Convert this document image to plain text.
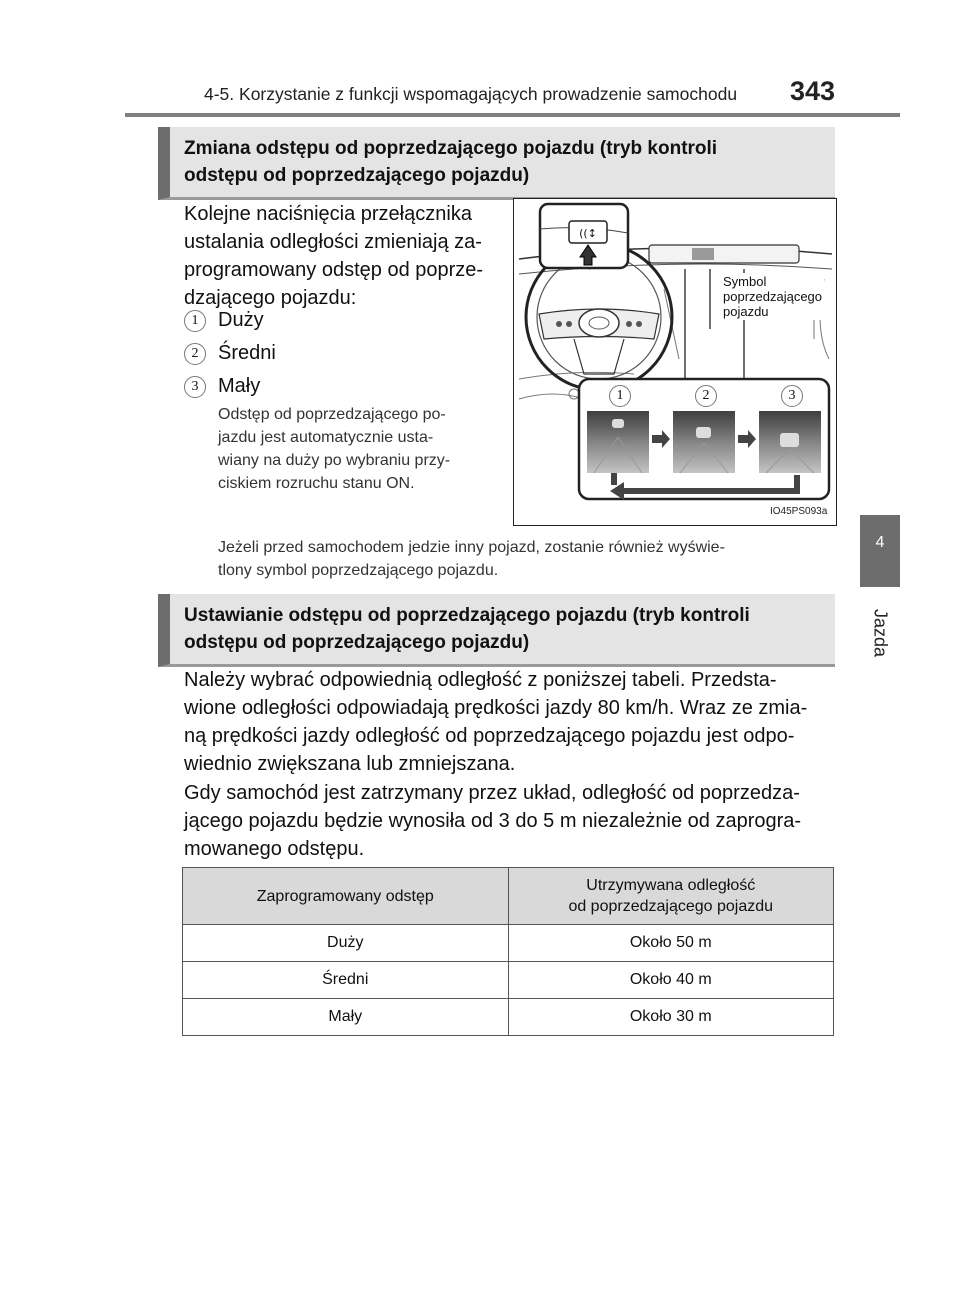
4-5. Korzystanie z funkcji wspomagających prowadzenie samochodu 343
4
Jazda
Zmiana odstępu od poprzedzającego pojazdu (tryb kontroli
odstępu od poprzedzającego pojazdu)
Kolejne naciśnięcia przełącznika
ustalania odległości zmieniają za-
programowany odstęp od poprze-
dzającego pojazdu:
1 Duży
2 Średni
3 Mały
Odstęp od poprzedzającego po-
jazdu jest automatycznie usta-
wiany na duży po wybraniu przy-
ciskiem rozruchu stanu ON.
((↕
1	2	3
Symbol
poprzedzającego
pojazdu
IO45PS093a
Jeżeli przed samochodem jedzie inny pojazd, zostanie również wyświe-
tlony symbol poprzedzającego pojazdu.
Ustawianie odstępu od poprzedzającego pojazdu (tryb kontroli
odstępu od poprzedzającego pojazdu)
Należy wybrać odpowiednią odległość z poniższej tabeli. Przedsta-
wione odległości odpowiadają prędkości jazdy 80 km/h. Wraz ze zmia-
ną prędkości jazdy odległość od poprzedzającego pojazdu jest odpo-
wiednio zwiększana lub zmniejszana.
Gdy samochód jest zatrzymany przez układ, odległość od poprzedza-
jącego pojazdu będzie wynosiła od 3 do 5 m niezależnie od zaprogra-
mowanego odstępu.
Zaprogramowany odstęp	Utrzymywana odległość
od poprzedzającego pojazdu

Duży	Około 50 m
Średni	Około 40 m
Mały	Około 30 m
